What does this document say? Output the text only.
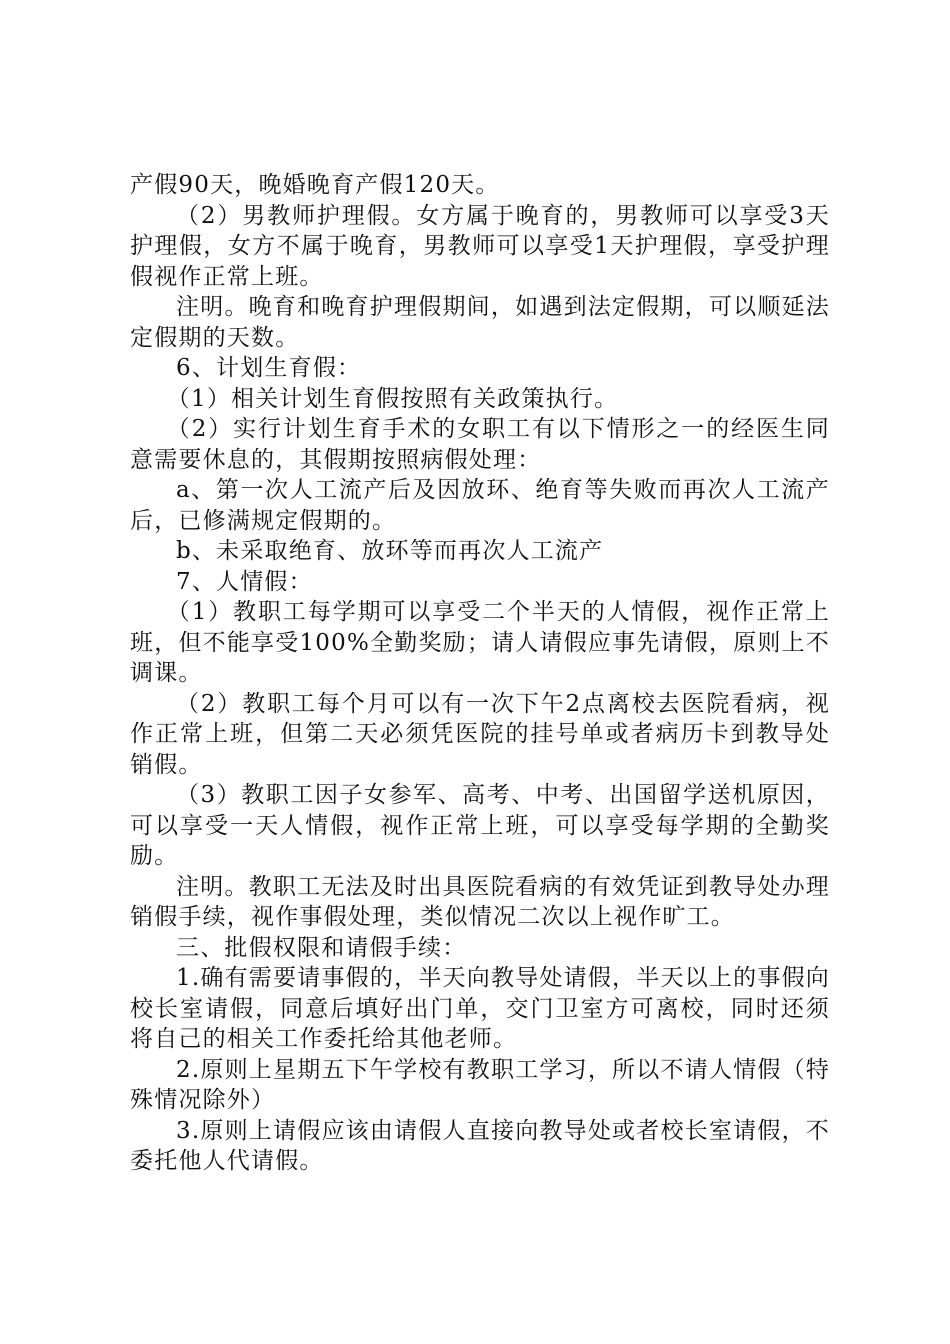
产假90天，晚婚晚育产假120天。

（2）男教师护理假。女方属于晚育的，男教师可以享受3天护理假，女方不属于晚育，男教师可以享受1天护理假，享受护理假视作正常上班。

注明。晚育和晚育护理假期间，如遇到法定假期，可以顺延法定假期的天数。

6、计划生育假：

（1）相关计划生育假按照有关政策执行。

（2）实行计划生育手术的女职工有以下情形之一的经医生同意需要休息的，其假期按照病假处理：

a、第一次人工流产后及因放环、绝育等失败而再次人工流产后，已修满规定假期的。

b、未采取绝育、放环等而再次人工流产

7、人情假：

（1）教职工每学期可以享受二个半天的人情假，视作正常上班，但不能享受100%全勤奖励；请人请假应事先请假，原则上不调课。

（2）教职工每个月可以有一次下午2点离校去医院看病，视作正常上班，但第二天必须凭医院的挂号单或者病历卡到教导处销假。

（3）教职工因子女参军、高考、中考、出国留学送机原因，可以享受一天人情假，视作正常上班，可以享受每学期的全勤奖励。

注明。教职工无法及时出具医院看病的有效凭证到教导处办理销假手续，视作事假处理，类似情况二次以上视作旷工。

三、批假权限和请假手续：

1.确有需要请事假的，半天向教导处请假，半天以上的事假向校长室请假，同意后填好出门单，交门卫室方可离校，同时还须将自己的相关工作委托给其他老师。

2.原则上星期五下午学校有教职工学习，所以不请人情假（特殊情况除外）

3.原则上请假应该由请假人直接向教导处或者校长室请假，不委托他人代请假。
